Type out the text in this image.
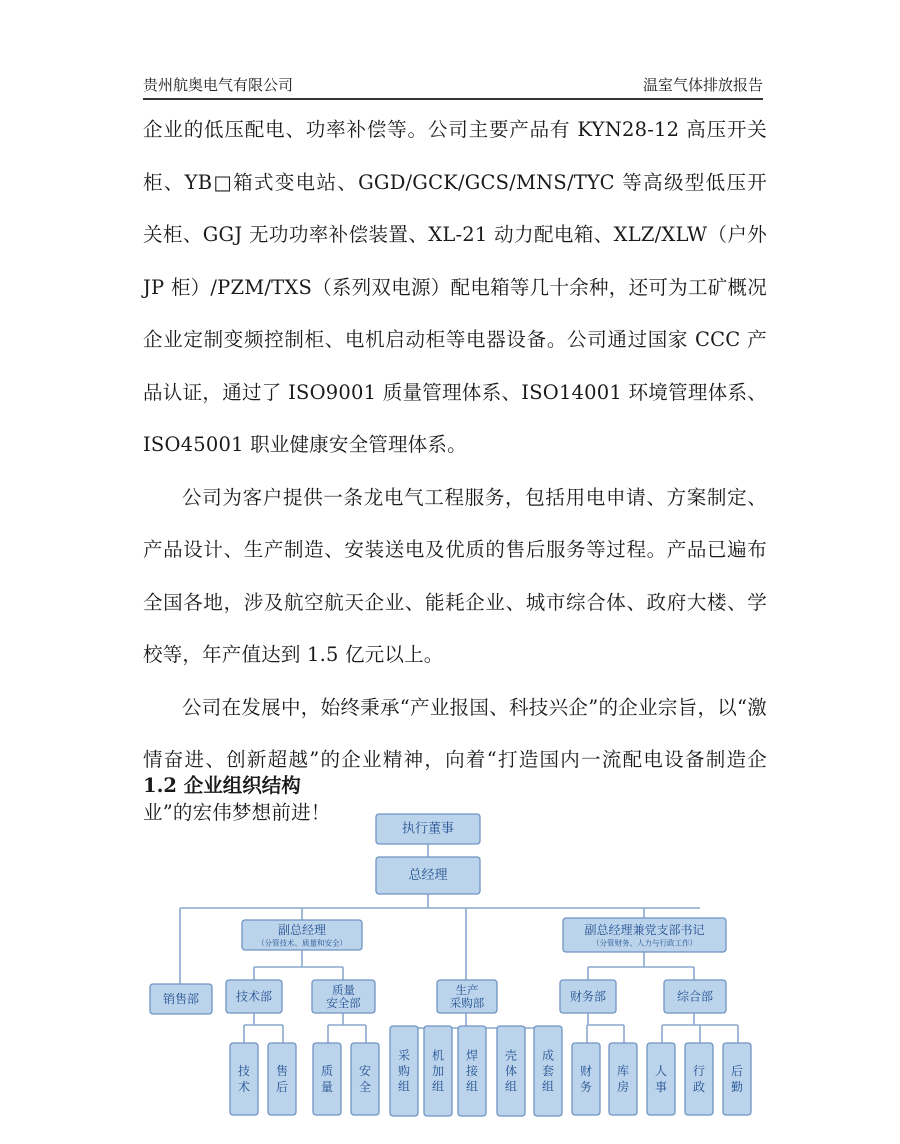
贵州航奥电气有限公司	温室气体排放报告

企业的低压配电、功率补偿等。公司主要产品有 KYN28-12 高压开关柜、YB□箱式变电站、GGD/GCK/GCS/MNS/TYC 等高级型低压开关柜、GGJ 无功功率补偿装置、XL-21 动力配电箱、XLZ/XLW（户外 JP 柜）/PZM/TXS（系列双电源）配电箱等几十余种，还可为工矿概况企业定制变频控制柜、电机启动柜等电器设备。公司通过国家 CCC 产品认证，通过了 ISO9001 质量管理体系、ISO14001 环境管理体系、ISO45001 职业健康安全管理体系。

公司为客户提供一条龙电气工程服务，包括用电申请、方案制定、产品设计、生产制造、安装送电及优质的售后服务等过程。产品已遍布全国各地，涉及航空航天企业、能耗企业、城市综合体、政府大楼、学校等，年产值达到 1.5 亿元以上。

公司在发展中，始终秉承“产业报国、科技兴企”的企业宗旨，以“激情奋进、创新超越”的企业精神，向着“打造国内一流配电设备制造企业”的宏伟梦想前进！

1.2 企业组织结构
执行董事
总经理
副总经理
（分管技术、质量和安全）
副总经理兼党支部书记
（分管财务、人力与行政工作）
销售部	技术部	质量
安全部
生产
采购部	财务部	综合部
技
术
售
后
质
量
安
全
采
购
组
机
加
组
焊
接
组
壳
体
组
成
套
组
财
务
库
房
人
事
行
政
后
勤
